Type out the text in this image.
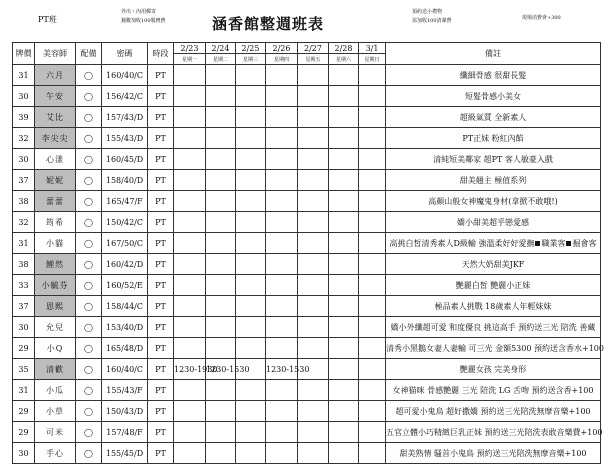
PT班
外出・內用郵寄
鐘數加收100服務費	涵香館整週班表
預約送小禮物
需加收100清潔費	現場消費會+300
牌價	美容師	配備	密碼	時段	2/23	2/24	2/25	2/26	2/27	2/28	3/1	備註
					星期一	星期二	星期三	星期四	星期五	星期六	星期日	
31	六月	◯	160/40/C	PT								纖細骨感 很甜長髮
30	午安	◯	156/42/C	PT								短髮骨感小美女
39	艾比	◯	157/43/D	PT								超級氣質 全新素人
32	李尖尖	◯	155/43/D	PT								PT正妹 粉紅內餡
30	心漾	◯	160/45/D	PT								清純短美鄰家 超PT 客人敏豪入戲
37	妮妮	◯	158/40/D	PT								甜美翹主 極值系列
38	蕾蕾	◯	165/47/F	PT								高顏山般女神魔鬼身材(拿掀不敢哦!)
32	筠希	◯	150/42/C	PT								嬌小甜美超乎戀愛感
31	小貓	◯	167/50/C	PT								高挑白皙清秀素人D級輸 強溫柔好好愛撫 職業客 掘會客
38	鯉然	◯	160/42/D	PT								天然大奶甜美JKF
33	小毓芬	◯	160/52/E	PT								艷麗白皙 艷麗小正妹
37	恩熙	◯	158/44/C	PT								極品素人挑戰 18歲素人年輕妹妹
30	允兒	◯	153/40/D	PT								嬌小外纖超可愛 和度優良 挑這高手 預約送三光 陪洗 善藏
29	小Q	◯	165/48/D	PT								清秀小黑鵝女妻人妻輸 可三光 金額5300 預約送含香水+100
35	清歡	◯	160/40/C	PT	1230-1930	1230-1530		1230-1530				艷麗女孩 完美身形
31	小瓜	◯	155/43/F	PT								女神猫咪 骨感艷麗 三光 陪洗 LG 舌吻 預約送含香+100
29	小草	◯	150/43/D	PT								超可愛小鬼鳥 超好撒嬌 預約送三光陪洗無摩音樂+100
29	可米	◯	157/48/F	PT								五官立體小巧精緻巨乳正妹 預約送三光陪洗表敢音樂費+100
30	手心	◯	155/45/D	PT								甜美熟情 騷首小鬼鳥 預約送三光陪洗無摩音樂+100
